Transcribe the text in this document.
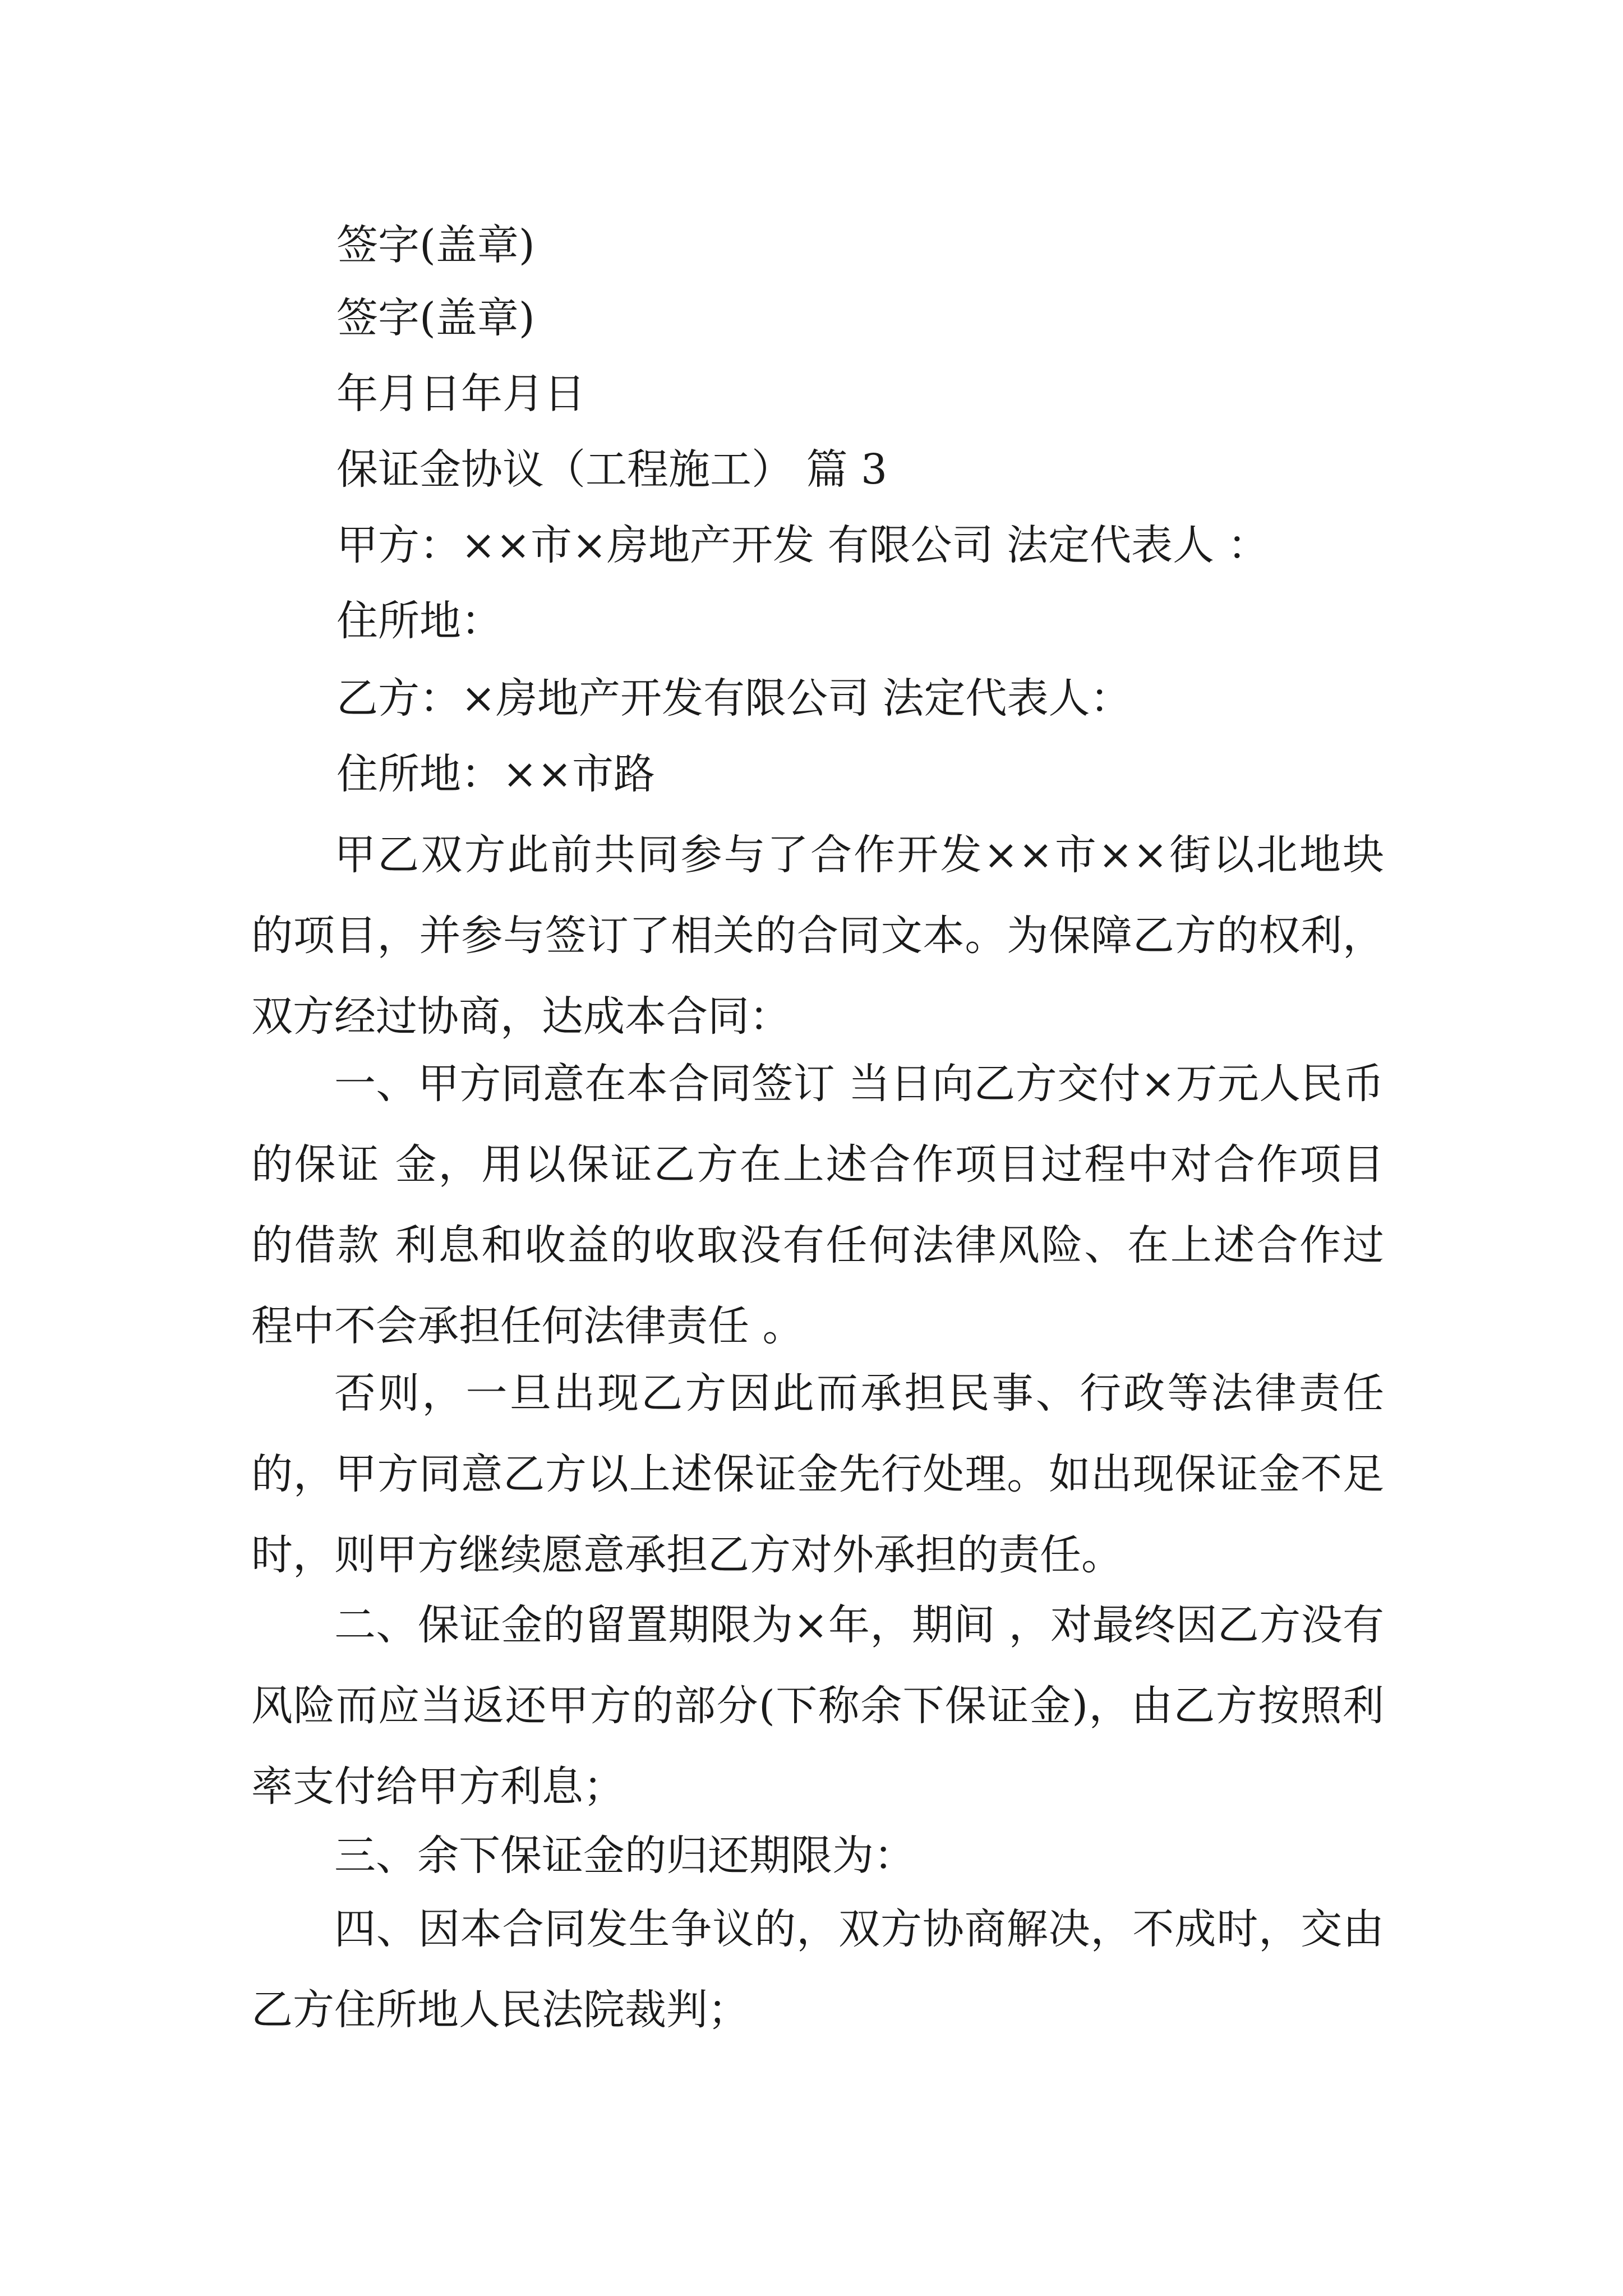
签字(盖章)
签字(盖章)
年月日年月日
保证金协议（工程施工） 篇 3
甲方：××市×房地产开发 有限公司 法定代表人 ：
住所地：
乙方：×房地产开发有限公司 法定代表人：
住所地：××市路
甲乙双方此前共同参与了合作开发××市××街以北地块的项目，并参与签订了相关的合同文本。为保障乙方的权利，双方经过协商，达成本合同：
一、甲方同意在本合同签订 当日向乙方交付×万元人民币的保证 金，用以保证乙方在上述合作项目过程中对合作项目的借款 利息和收益的收取没有任何法律风险、在上述合作过程中不会承担任何法律责任 。
否则，一旦出现乙方因此而承担民事、行政等法律责任的，甲方同意乙方以上述保证金先行处理。如出现保证金不足时，则甲方继续愿意承担乙方对外承担的责任。
二、保证金的留置期限为×年，期间 ，对最终因乙方没有风险而应当返还甲方的部分(下称余下保证金)，由乙方按照利率支付给甲方利息；
三、余下保证金的归还期限为：
四、因本合同发生争议的，双方协商解决，不成时，交由乙方住所地人民法院裁判；
